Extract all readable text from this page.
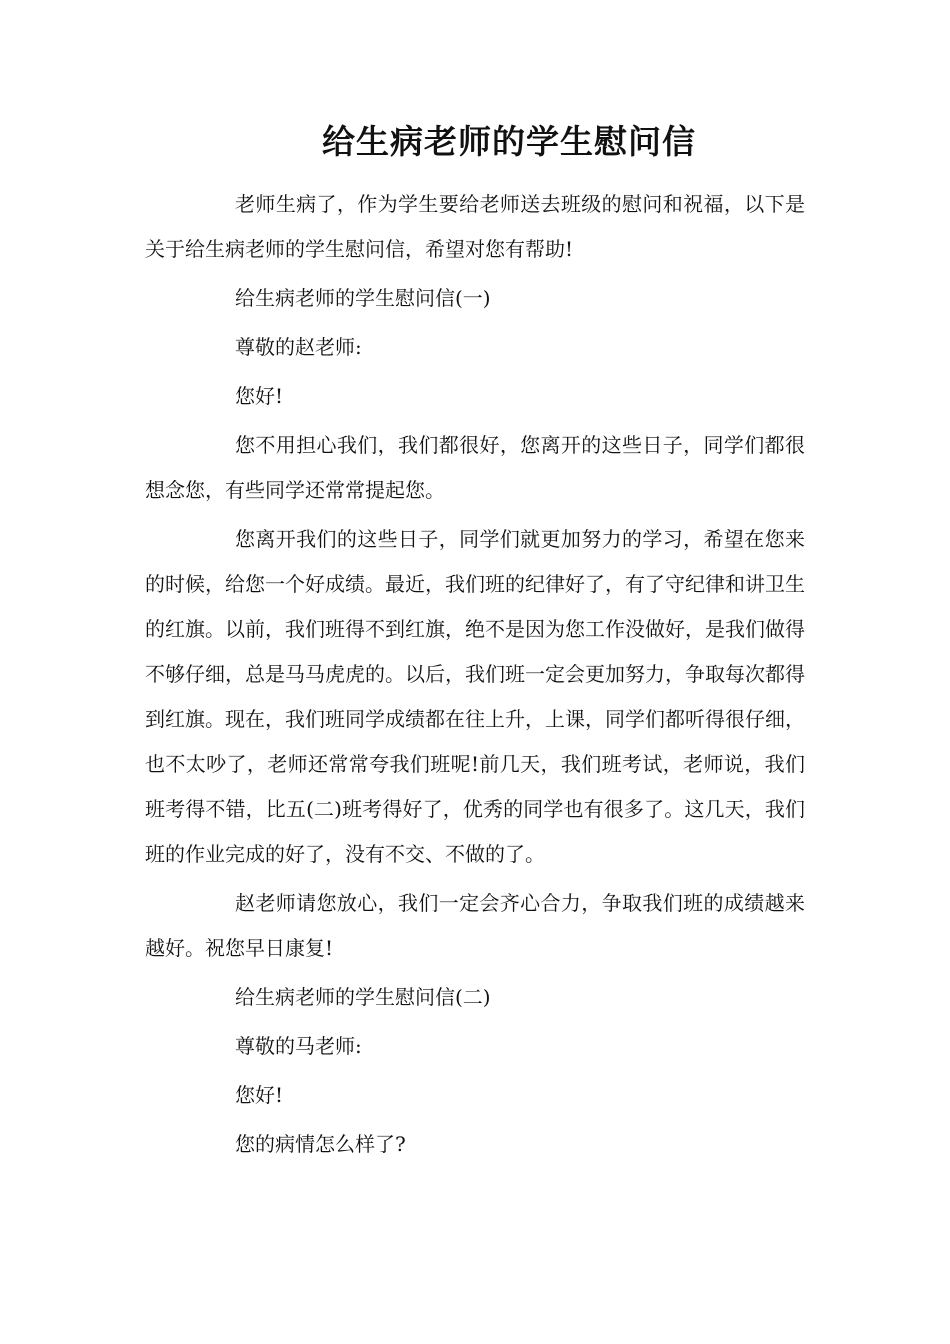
给生病老师的学生慰问信

老师生病了，作为学生要给老师送去班级的慰问和祝福，以下是关于给生病老师的学生慰问信，希望对您有帮助!

给生病老师的学生慰问信(一)

尊敬的赵老师:

您好!

您不用担心我们，我们都很好，您离开的这些日子，同学们都很想念您，有些同学还常常提起您。

您离开我们的这些日子，同学们就更加努力的学习，希望在您来的时候，给您一个好成绩。最近，我们班的纪律好了，有了守纪律和讲卫生的红旗。以前，我们班得不到红旗，绝不是因为您工作没做好，是我们做得不够仔细，总是马马虎虎的。以后，我们班一定会更加努力，争取每次都得到红旗。现在，我们班同学成绩都在往上升，上课，同学们都听得很仔细，也不太吵了，老师还常常夸我们班呢!前几天，我们班考试，老师说，我们班考得不错，比五(二)班考得好了，优秀的同学也有很多了。这几天，我们班的作业完成的好了，没有不交、不做的了。

赵老师请您放心，我们一定会齐心合力，争取我们班的成绩越来越好。祝您早日康复!

给生病老师的学生慰问信(二)

尊敬的马老师:

您好!

您的病情怎么样了?
